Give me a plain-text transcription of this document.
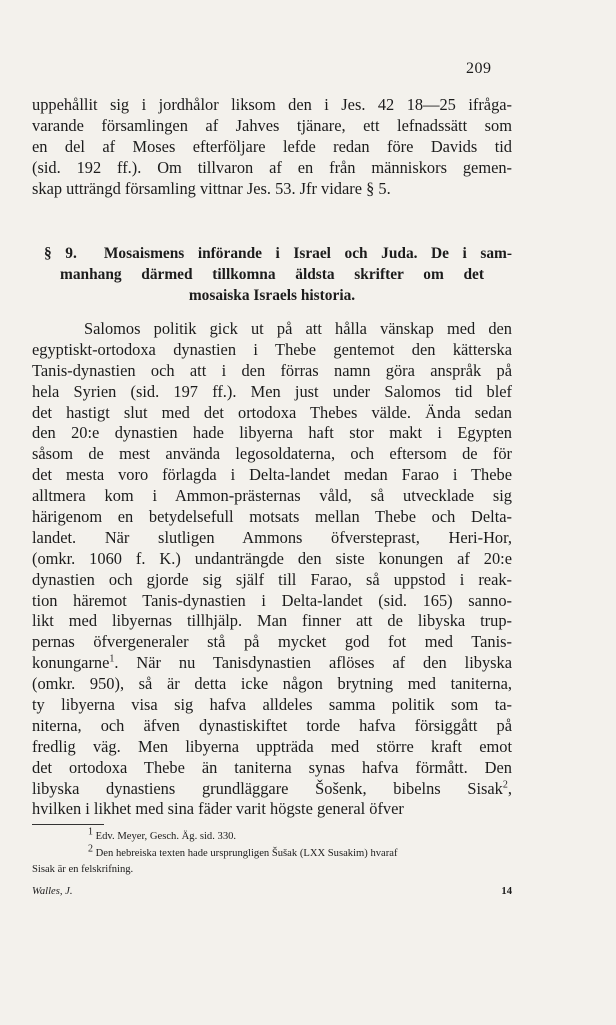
209
uppehållit sig i jordhålor liksom den i Jes. 42 18—25 ifråga-
varande församlingen af Jahves tjänare, ett lefnadssätt som
en del af Moses efterföljare lefde redan före Davids tid
(sid. 192 ff.). Om tillvaron af en från människors gemen-
skap utträngd församling vittnar Jes. 53. Jfr vidare § 5.
§ 9. Mosaismens införande i Israel och Juda. De i sam-
manhang därmed tillkomna äldsta skrifter om det
mosaiska Israels historia.
Salomos politik gick ut på att hålla vänskap med den
egyptiskt-ortodoxa dynastien i Thebe gentemot den kätterska
Tanis-dynastien och att i den förras namn göra anspråk på
hela Syrien (sid. 197 ff.). Men just under Salomos tid blef
det hastigt slut med det ortodoxa Thebes välde. Ända sedan
den 20:e dynastien hade libyerna haft stor makt i Egypten
såsom de mest använda legosoldaterna, och eftersom de för
det mesta voro förlagda i Delta-landet medan Farao i Thebe
alltmera kom i Ammon-prästernas våld, så utvecklade sig
härigenom en betydelsefull motsats mellan Thebe och Delta-
landet. När slutligen Ammons öfversteprast, Heri-Hor,
(omkr. 1060 f. K.) undanträngde den siste konungen af 20:e
dynastien och gjorde sig själf till Farao, så uppstod i reak-
tion häremot Tanis-dynastien i Delta-landet (sid. 165) sanno-
likt med libyernas tillhjälp. Man finner att de libyska trup-
pernas öfvergeneraler stå på mycket god fot med Tanis-
konungarne$^1$. När nu Tanisdynastien aflöses af den libyska
(omkr. 950), så är detta icke någon brytning med taniterna,
ty libyerna visa sig hafva alldeles samma politik som ta-
niterna, och äfven dynastiskiftet torde hafva försiggått på
fredlig väg. Men libyerna uppträda med större kraft emot
det ortodoxa Thebe än taniterna synas hafva förmått. Den
libyska dynastiens grundläggare Šošenk, bibelns Sisak$^2$,
hvilken i likhet med sina fäder varit högste general öfver
$^1$ Edv. Meyer, Gesch. Äg. sid. 330.
$^2$ Den hebreiska texten hade ursprungligen Šušak (LXX Susakim) hvaraf
Sisak är en felskrifning.
Walles, J.	14
